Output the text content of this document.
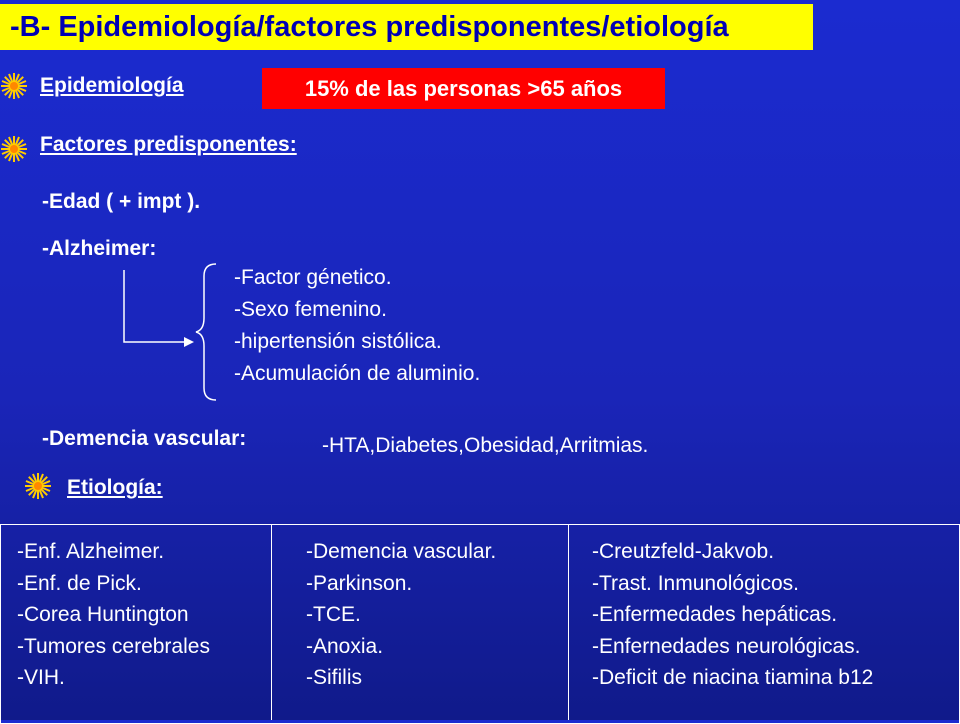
-B- Epidemiología/factores predisponentes/etiología
Epidemiología	15% de las personas >65 años
Factores predisponentes:
-Edad ( + impt ).
-Alzheimer:
-Factor génetico.
-Sexo femenino.
-hipertensión sistólica.
-Acumulación de aluminio.
-Demencia vascular:	-HTA,Diabetes,Obesidad,Arritmias.
Etiología:
-Enf. Alzheimer.
-Enf. de Pick.
-Corea Huntington
-Tumores cerebrales
-VIH.
-Demencia vascular.
-Parkinson.
-TCE.
-Anoxia.
-Sifilis
-Creutzfeld-Jakvob.
-Trast. Inmunológicos.
-Enfermedades hepáticas.
-Enfernedades neurológicas.
-Deficit de niacina tiamina b12
